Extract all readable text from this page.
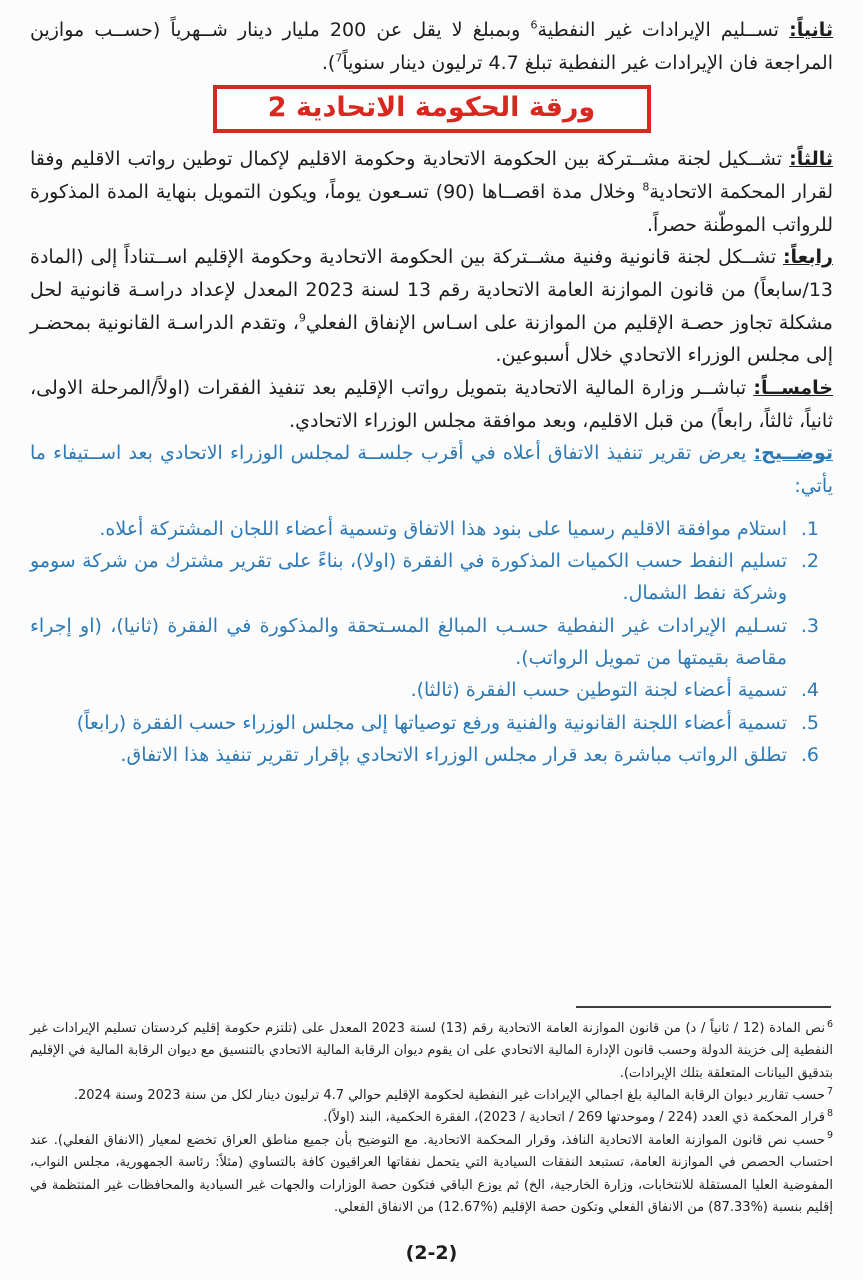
ثانياً: تســليم الإيرادات غير النفطية$^6$ وبمبلغ لا يقل عن 200 مليار دينار شــهرياً (حســب موازين المراجعة فان الإيرادات غير النفطية تبلغ 4.7 ترليون دينار سنوياً$^7$).

ورقة الحكومة الاتحادية 2

ثالثاً: تشــكيل لجنة مشــتركة بين الحكومة الاتحادية وحكومة الاقليم لإكمال توطين رواتب الاقليم وفقا لقرار المحكمة الاتحادية$^8$ وخلال مدة اقصــاها (90) تسـعون يوماً، ويكون التمويل بنهاية المدة المذكورة للرواتب الموطّنة حصراً.

رابعاً: تشــكل لجنة قانونية وفنية مشــتركة بين الحكومة الاتحادية وحكومة الإقليم اســتناداً إلى (المادة 13/سابعاً) من قانون الموازنة العامة الاتحادية رقم 13 لسنة 2023 المعدل لإعداد دراسـة قانونية لحل مشكلة تجاوز حصـة الإقليم من الموازنة على اسـاس الإنفاق الفعلي$^9$، وتقدم الدراسـة القانونية بمحضـر إلى مجلس الوزراء الاتحادي خلال أسبوعين.

خامســاً: تباشــر وزارة المالية الاتحادية بتمويل رواتب الإقليم بعد تنفيذ الفقرات (اولاً/المرحلة الاولى، ثانياً، ثالثاً، رابعاً) من قبل الاقليم، وبعد موافقة مجلس الوزراء الاتحادي.

توضــيح: يعرض تقرير تنفيذ الاتفاق أعلاه في أقرب جلســة لمجلس الوزراء الاتحادي بعد اســتيفاء ما يأتي:

1.
استلام موافقة الاقليم رسميا على بنود هذا الاتفاق وتسمية أعضاء اللجان المشتركة أعلاه.
2.
تسليم النفط حسب الكميات المذكورة في الفقرة (اولا)، بناءً على تقرير مشترك من شركة سومو وشركة نفط الشمال.
3.
تسـليم الإيرادات غير النفطية حسـب المبالغ المسـتحقة والمذكورة في الفقرة (ثانيا)، (او إجراء مقاصة بقيمتها من تمويل الرواتب).
4.
تسمية أعضاء لجنة التوطين حسب الفقرة (ثالثا).
5.
تسمية أعضاء اللجنة القانونية والفنية ورفع توصياتها إلى مجلس الوزراء حسب الفقرة (رابعاً)
6.
تطلق الرواتب مباشرة بعد قرار مجلس الوزراء الاتحادي بإقرار تقرير تنفيذ هذا الاتفاق.

$^6$نص المادة (12 / ثانياً / د) من قانون الموازنة العامة الاتحادية رقم (13) لسنة 2023 المعدل على (تلتزم حكومة إقليم كردستان تسليم الإيرادات غير النفطية إلى خزينة الدولة وحسب قانون الإدارة المالية الاتحادي على ان يقوم ديوان الرقابة المالية الاتحادي بالتنسيق مع ديوان الرقابة المالية في الإقليم بتدقيق البيانات المتعلقة بتلك الإيرادات).

$^7$حسب تقارير ديوان الرقابة المالية بلغ اجمالي الإيرادات غير النفطية لحكومة الإقليم حوالي 4.7 ترليون دينار لكل من سنة 2023 وسنة 2024.

$^8$قرار المحكمة ذي العدد (224 / وموحدتها 269 / اتحادية / 2023)، الفقرة الحكمية، البند (اولاً).

$^9$حسب نص قانون الموازنة العامة الاتحادية النافذ، وقرار المحكمة الاتحادية. مع التوضيح بأن جميع مناطق العراق تخضع لمعيار (الانفاق الفعلي). عند احتساب الحصص في الموازنة العامة، تستبعد النفقات السيادية التي يتحمل نفقاتها العراقيون كافة بالتساوي (مثلاً: رئاسة الجمهورية، مجلس النواب، المفوضية العليا المستقلة للانتخابات، وزارة الخارجية، الخ) ثم يوزع الباقي فتكون حصة الوزارات والجهات غير السيادية والمحافظات غير المنتظمة في إقليم بنسبة (%87.33) من الانفاق الفعلي وتكون حصة الإقليم (%12.67) من الانفاق الفعلي.

(2-2)
